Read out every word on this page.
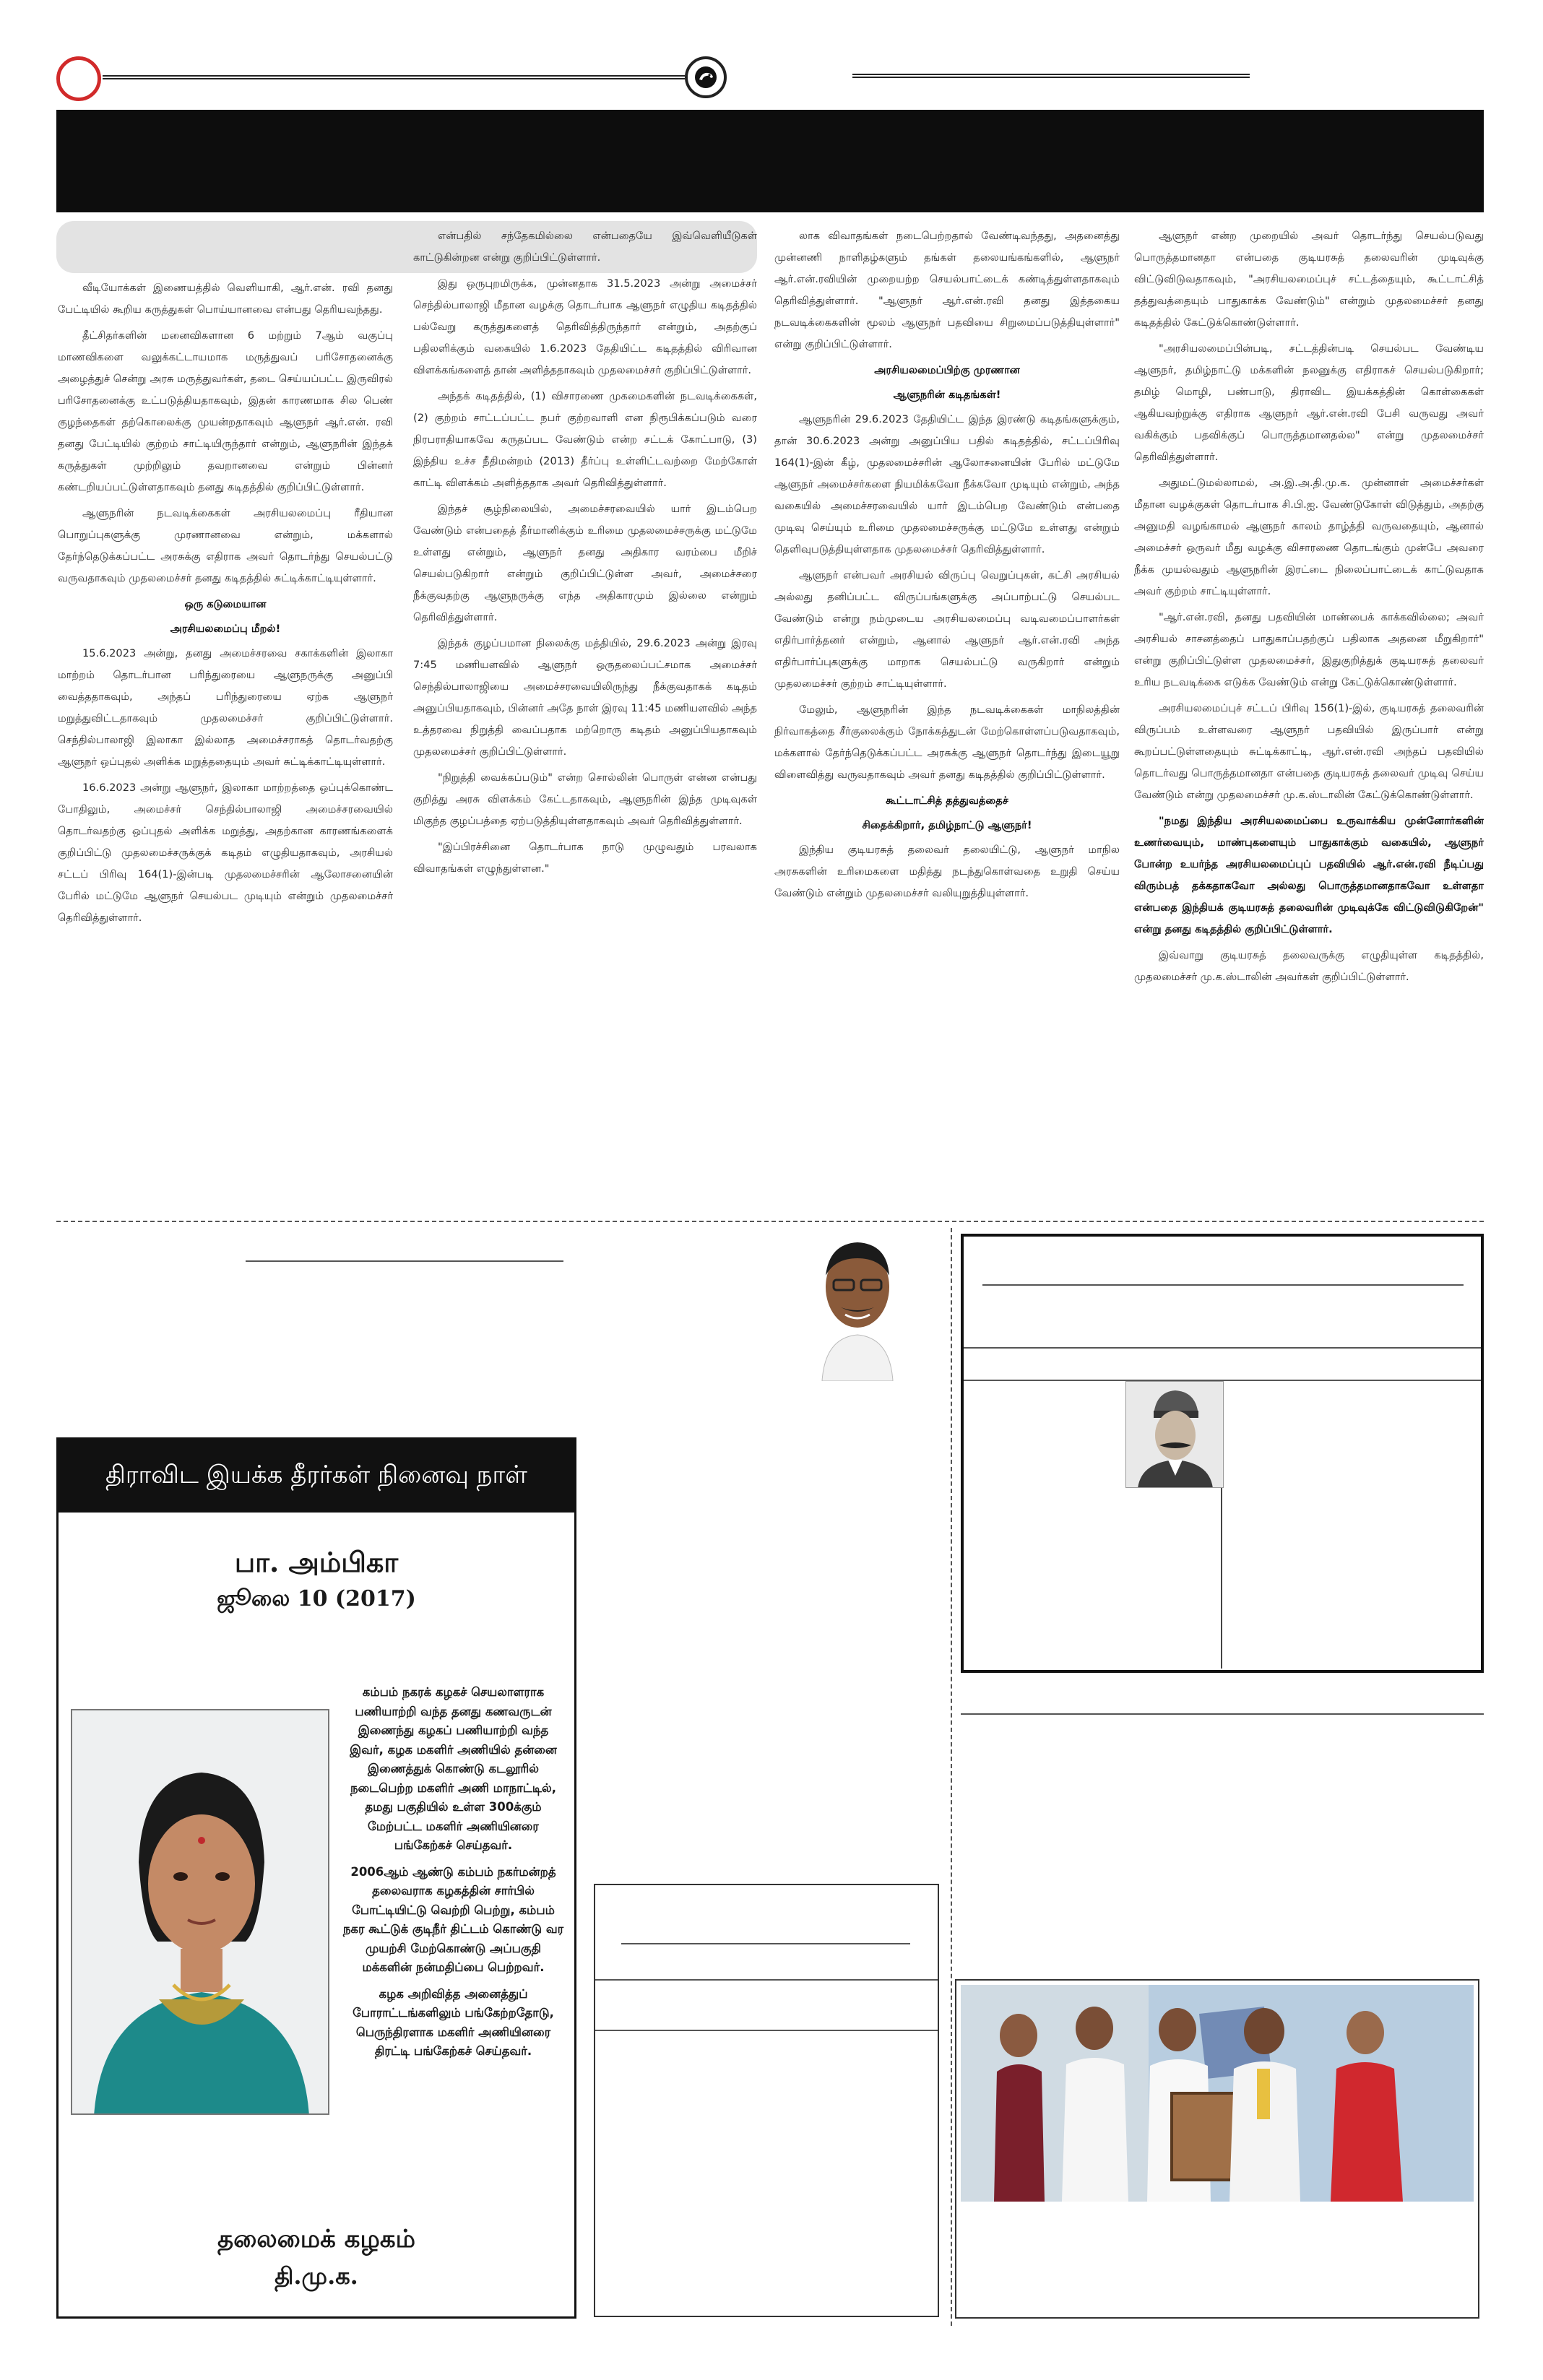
வீடியோக்கள் இணையத்தில் வெளியாகி, ஆர்.என். ரவி தனது பேட்டியில் கூறிய கருத்துகள் பொய்யானவை என்பது தெரியவந்தது.

தீட்சிதர்களின் மனைவிகளான 6 மற்றும் 7ஆம் வகுப்பு மாணவிகளை வலுக்கட்டாயமாக மருத்துவப் பரிசோதனைக்கு அழைத்துச் சென்று அரசு மருத்துவர்கள், தடை செய்யப்பட்ட இருவிரல் பரிசோதனைக்கு உட்படுத்தியதாகவும், இதன் காரணமாக சில பெண் குழந்தைகள் தற்கொலைக்கு முயன்றதாகவும் ஆளுநர் ஆர்.என். ரவி தனது பேட்டியில் குற்றம் சாட்டியிருந்தார் என்றும், ஆளுநரின் இந்தக் கருத்துகள் முற்றிலும் தவறானவை என்றும் பின்னர் கண்டறியப்பட்டுள்ளதாகவும் தனது கடிதத்தில் குறிப்பிட்டுள்ளார்.

ஆளுநரின் நடவடிக்கைகள் அரசியலமைப்பு ரீதியான பொறுப்புகளுக்கு முரணானவை என்றும், மக்களால் தேர்ந்தெடுக்கப்பட்ட அரசுக்கு எதிராக அவர் தொடர்ந்து செயல்பட்டு வருவதாகவும் முதலமைச்சர் தனது கடிதத்தில் சுட்டிக்காட்டியுள்ளார்.

ஒரு கடுமையான

அரசியலமைப்பு மீறல்!

15.6.2023 அன்று, தனது அமைச்சரவை சகாக்களின் இலாகா மாற்றம் தொடர்பான பரிந்துரையை ஆளுநருக்கு அனுப்பி வைத்ததாகவும், அந்தப் பரிந்துரையை ஏற்க ஆளுநர் மறுத்துவிட்டதாகவும் முதலமைச்சர் குறிப்பிட்டுள்ளார். செந்தில்பாலாஜி இலாகா இல்லாத அமைச்சராகத் தொடர்வதற்கு ஆளுநர் ஒப்புதல் அளிக்க மறுத்ததையும் அவர் சுட்டிக்காட்டியுள்ளார்.

16.6.2023 அன்று ஆளுநர், இலாகா மாற்றத்தை ஒப்புக்கொண்ட போதிலும், அமைச்சர் செந்தில்பாலாஜி அமைச்சரவையில் தொடர்வதற்கு ஒப்புதல் அளிக்க மறுத்து, அதற்கான காரணங்களைக் குறிப்பிட்டு முதலமைச்சருக்குக் கடிதம் எழுதியதாகவும், அரசியல் சட்டப் பிரிவு 164(1)-இன்படி முதலமைச்சரின் ஆலோசனையின் பேரில் மட்டுமே ஆளுநர் செயல்பட முடியும் என்றும் முதலமைச்சர் தெரிவித்துள்ளார்.

என்பதில் சந்தேகமில்லை என்பதையே இவ்வெளியீடுகள் காட்டுகின்றன என்று குறிப்பிட்டுள்ளார்.

இது ஒருபுறமிருக்க, முன்னதாக 31.5.2023 அன்று அமைச்சர் செந்தில்பாலாஜி மீதான வழக்கு தொடர்பாக ஆளுநர் எழுதிய கடிதத்தில் பல்வேறு கருத்துகளைத் தெரிவித்திருந்தார் என்றும், அதற்குப் பதிலளிக்கும் வகையில் 1.6.2023 தேதியிட்ட கடிதத்தில் விரிவான விளக்கங்களைத் தான் அளித்ததாகவும் முதலமைச்சர் குறிப்பிட்டுள்ளார்.

அந்தக் கடிதத்தில், (1) விசாரணை முகமைகளின் நடவடிக்கைகள், (2) குற்றம் சாட்டப்பட்ட நபர் குற்றவாளி என நிரூபிக்கப்படும் வரை நிரபராதியாகவே கருதப்பட வேண்டும் என்ற சட்டக் கோட்பாடு, (3) இந்திய உச்ச நீதிமன்றம் (2013) தீர்ப்பு உள்ளிட்டவற்றை மேற்கோள் காட்டி விளக்கம் அளித்ததாக அவர் தெரிவித்துள்ளார்.

இந்தச் சூழ்நிலையில், அமைச்சரவையில் யார் இடம்பெற வேண்டும் என்பதைத் தீர்மானிக்கும் உரிமை முதலமைச்சருக்கு மட்டுமே உள்ளது என்றும், ஆளுநர் தனது அதிகார வரம்பை மீறிச் செயல்படுகிறார் என்றும் குறிப்பிட்டுள்ள அவர், அமைச்சரை நீக்குவதற்கு ஆளுநருக்கு எந்த அதிகாரமும் இல்லை என்றும் தெரிவித்துள்ளார்.

இந்தக் குழப்பமான நிலைக்கு மத்தியில், 29.6.2023 அன்று இரவு 7:45 மணியளவில் ஆளுநர் ஒருதலைப்பட்சமாக அமைச்சர் செந்தில்பாலாஜியை அமைச்சரவையிலிருந்து நீக்குவதாகக் கடிதம் அனுப்பியதாகவும், பின்னர் அதே நாள் இரவு 11:45 மணியளவில் அந்த உத்தரவை நிறுத்தி வைப்பதாக மற்றொரு கடிதம் அனுப்பியதாகவும் முதலமைச்சர் குறிப்பிட்டுள்ளார்.

"நிறுத்தி வைக்கப்படும்" என்ற சொல்லின் பொருள் என்ன என்பது குறித்து அரசு விளக்கம் கேட்டதாகவும், ஆளுநரின் இந்த முடிவுகள் மிகுந்த குழப்பத்தை ஏற்படுத்தியுள்ளதாகவும் அவர் தெரிவித்துள்ளார்.

"இப்பிரச்சினை தொடர்பாக நாடு முழுவதும் பரவலாக விவாதங்கள் எழுந்துள்ளன."

லாக விவாதங்கள் நடைபெற்றதால் வேண்டிவந்தது, அதனைத்து முன்னணி நாளிதழ்களும் தங்கள் தலையங்கங்களில், ஆளுநர் ஆர்.என்.ரவியின் முறையற்ற செயல்பாட்டைக் கண்டித்துள்ளதாகவும் தெரிவித்துள்ளார். "ஆளுநர் ஆர்.என்.ரவி தனது இத்தகைய நடவடிக்கைகளின் மூலம் ஆளுநர் பதவியை சிறுமைப்படுத்தியுள்ளார்" என்று குறிப்பிட்டுள்ளார்.

அரசியலமைப்பிற்கு முரணான

ஆளுநரின் கடிதங்கள்!

ஆளுநரின் 29.6.2023 தேதியிட்ட இந்த இரண்டு கடிதங்களுக்கும், தான் 30.6.2023 அன்று அனுப்பிய பதில் கடிதத்தில், சட்டப்பிரிவு 164(1)-இன் கீழ், முதலமைச்சரின் ஆலோசனையின் பேரில் மட்டுமே ஆளுநர் அமைச்சர்களை நியமிக்கவோ நீக்கவோ முடியும் என்றும், அந்த வகையில் அமைச்சரவையில் யார் இடம்பெற வேண்டும் என்பதை முடிவு செய்யும் உரிமை முதலமைச்சருக்கு மட்டுமே உள்ளது என்றும் தெளிவுபடுத்தியுள்ளதாக முதலமைச்சர் தெரிவித்துள்ளார்.

ஆளுநர் என்பவர் அரசியல் விருப்பு வெறுப்புகள், கட்சி அரசியல் அல்லது தனிப்பட்ட விருப்பங்களுக்கு அப்பாற்பட்டு செயல்பட வேண்டும் என்று நம்முடைய அரசியலமைப்பு வடிவமைப்பாளர்கள் எதிர்பார்த்தனர் என்றும், ஆனால் ஆளுநர் ஆர்.என்.ரவி அந்த எதிர்பார்ப்புகளுக்கு மாறாக செயல்பட்டு வருகிறார் என்றும் முதலமைச்சர் குற்றம் சாட்டியுள்ளார்.

மேலும், ஆளுநரின் இந்த நடவடிக்கைகள் மாநிலத்தின் நிர்வாகத்தை சீர்குலைக்கும் நோக்கத்துடன் மேற்கொள்ளப்படுவதாகவும், மக்களால் தேர்ந்தெடுக்கப்பட்ட அரசுக்கு ஆளுநர் தொடர்ந்து இடையூறு விளைவித்து வருவதாகவும் அவர் தனது கடிதத்தில் குறிப்பிட்டுள்ளார்.

கூட்டாட்சித் தத்துவத்தைச்

சிதைக்கிறார், தமிழ்நாட்டு ஆளுநர்!

இந்திய குடியரசுத் தலைவர் தலையிட்டு, ஆளுநர் மாநில அரசுகளின் உரிமைகளை மதித்து நடந்துகொள்வதை உறுதி செய்ய வேண்டும் என்றும் முதலமைச்சர் வலியுறுத்தியுள்ளார்.

ஆளுநர் என்ற முறையில் அவர் தொடர்ந்து செயல்படுவது பொருத்தமானதா என்பதை குடியரசுத் தலைவரின் முடிவுக்கு விட்டுவிடுவதாகவும், "அரசியலமைப்புச் சட்டத்தையும், கூட்டாட்சித் தத்துவத்தையும் பாதுகாக்க வேண்டும்" என்றும் முதலமைச்சர் தனது கடிதத்தில் கேட்டுக்கொண்டுள்ளார்.

"அரசியலமைப்பின்படி, சட்டத்தின்படி செயல்பட வேண்டிய ஆளுநர், தமிழ்நாட்டு மக்களின் நலனுக்கு எதிராகச் செயல்படுகிறார்; தமிழ் மொழி, பண்பாடு, திராவிட இயக்கத்தின் கொள்கைகள் ஆகியவற்றுக்கு எதிராக ஆளுநர் ஆர்.என்.ரவி பேசி வருவது அவர் வகிக்கும் பதவிக்குப் பொருத்தமானதல்ல" என்று முதலமைச்சர் தெரிவித்துள்ளார்.

அதுமட்டுமல்லாமல், அ.இ.அ.தி.மு.க. முன்னாள் அமைச்சர்கள் மீதான வழக்குகள் தொடர்பாக சி.பி.ஐ. வேண்டுகோள் விடுத்தும், அதற்கு அனுமதி வழங்காமல் ஆளுநர் காலம் தாழ்த்தி வருவதையும், ஆனால் அமைச்சர் ஒருவர் மீது வழக்கு விசாரணை தொடங்கும் முன்பே அவரை நீக்க முயல்வதும் ஆளுநரின் இரட்டை நிலைப்பாட்டைக் காட்டுவதாக அவர் குற்றம் சாட்டியுள்ளார்.

"ஆர்.என்.ரவி, தனது பதவியின் மாண்பைக் காக்கவில்லை; அவர் அரசியல் சாசனத்தைப் பாதுகாப்பதற்குப் பதிலாக அதனை மீறுகிறார்" என்று குறிப்பிட்டுள்ள முதலமைச்சர், இதுகுறித்துக் குடியரசுத் தலைவர் உரிய நடவடிக்கை எடுக்க வேண்டும் என்று கேட்டுக்கொண்டுள்ளார்.

அரசியலமைப்புச் சட்டப் பிரிவு 156(1)-இல், குடியரசுத் தலைவரின் விருப்பம் உள்ளவரை ஆளுநர் பதவியில் இருப்பார் என்று கூறப்பட்டுள்ளதையும் சுட்டிக்காட்டி, ஆர்.என்.ரவி அந்தப் பதவியில் தொடர்வது பொருத்தமானதா என்பதை குடியரசுத் தலைவர் முடிவு செய்ய வேண்டும் என்று முதலமைச்சர் மு.க.ஸ்டாலின் கேட்டுக்கொண்டுள்ளார்.

"நமது இந்திய அரசியலமைப்பை உருவாக்கிய முன்னோர்களின் உணர்வையும், மாண்புகளையும் பாதுகாக்கும் வகையில், ஆளுநர் போன்ற உயர்ந்த அரசியலமைப்புப் பதவியில் ஆர்.என்.ரவி நீடிப்பது விரும்பத் தக்கதாகவோ அல்லது பொருத்தமானதாகவோ உள்ளதா என்பதை இந்தியக் குடியரசுத் தலைவரின் முடிவுக்கே விட்டுவிடுகிறேன்" என்று தனது கடிதத்தில் குறிப்பிட்டுள்ளார்.

இவ்வாறு குடியரசுத் தலைவருக்கு எழுதியுள்ள கடிதத்தில், முதலமைச்சர் மு.க.ஸ்டாலின் அவர்கள் குறிப்பிட்டுள்ளார்.

திராவிட இயக்க தீரர்கள் நினைவு நாள்
பா. அம்பிகா
ஜூலை 10 (2017)

கம்பம் நகரக் கழகச் செயலாளராக பணியாற்றி வந்த தனது கணவருடன் இணைந்து கழகப் பணியாற்றி வந்த இவர், கழக மகளிர் அணியில் தன்னை இணைத்துக் கொண்டு கடலூரில் நடைபெற்ற மகளிர் அணி மாநாட்டில், தமது பகுதியில் உள்ள 300க்கும் மேற்பட்ட மகளிர் அணியினரை பங்கேற்கச் செய்தவர்.

2006ஆம் ஆண்டு கம்பம் நகர்மன்றத் தலைவராக கழகத்தின் சார்பில் போட்டியிட்டு வெற்றி பெற்று, கம்பம் நகர கூட்டுக் குடிநீர் திட்டம் கொண்டு வர முயற்சி மேற்கொண்டு அப்பகுதி மக்களின் நன்மதிப்பை பெற்றவர்.

கழக அறிவித்த அனைத்துப் போராட்டங்களிலும் பங்கேற்றதோடு, பெருந்திரளாக மகளிர் அணியினரை திரட்டி பங்கேற்கச் செய்தவர்.

தலைமைக் கழகம்
தி.மு.க.
